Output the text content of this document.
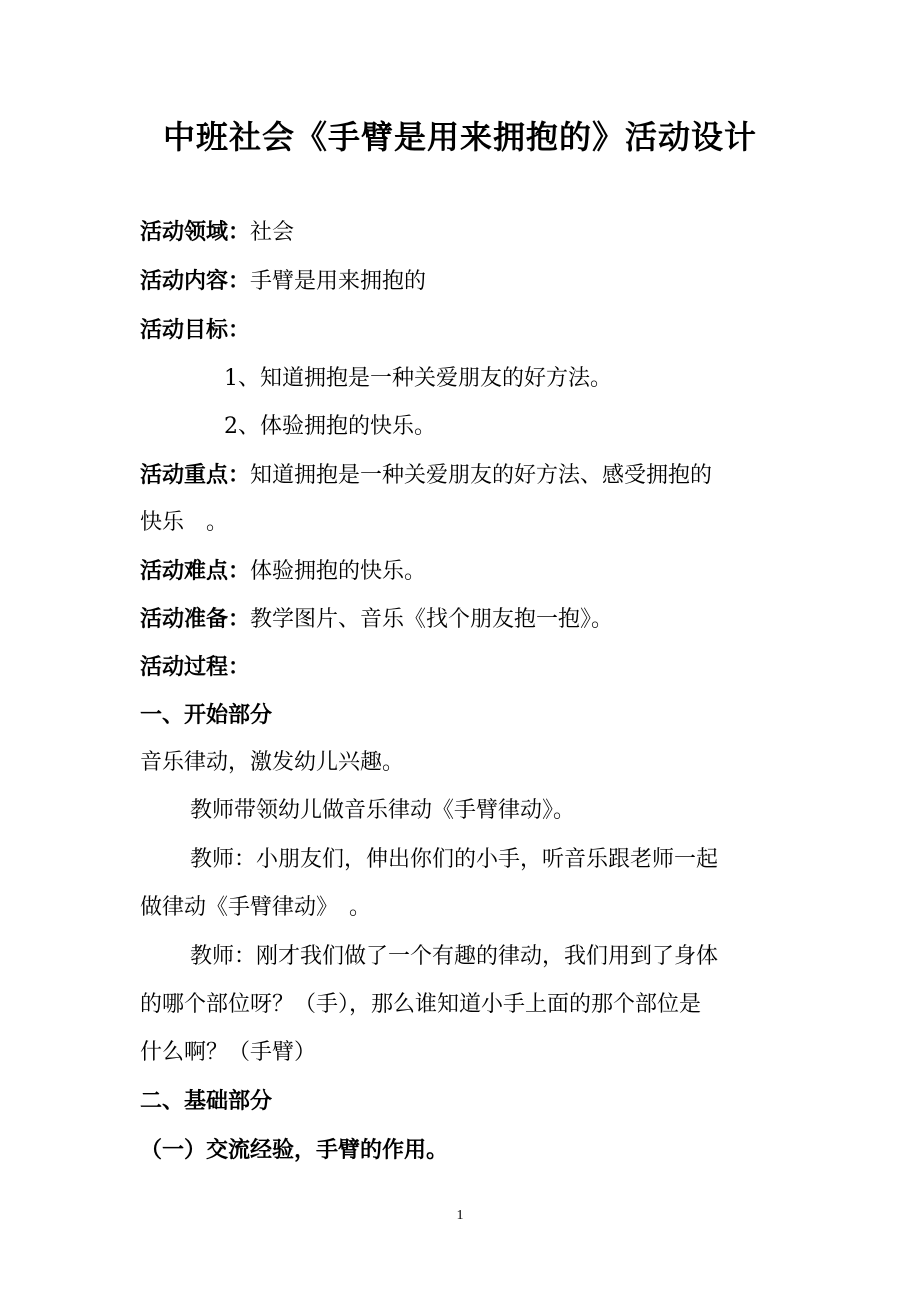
中班社会《手臂是用来拥抱的》活动设计
活动领域：社会
活动内容：手臂是用来拥抱的
活动目标：
1、知道拥抱是一种关爱朋友的好方法。
2、体验拥抱的快乐。
活动重点：知道拥抱是一种关爱朋友的好方法、感受拥抱的
快乐　。
活动难点：体验拥抱的快乐。
活动准备：教学图片、音乐《找个朋友抱一抱》。
活动过程：
一、开始部分
音乐律动，激发幼儿兴趣。
教师带领幼儿做音乐律动《手臂律动》。
教师：小朋友们，伸出你们的小手，听音乐跟老师一起
做律动《手臂律动》　。
教师：刚才我们做了一个有趣的律动，我们用到了身体
的哪个部位呀？（手），那么谁知道小手上面的那个部位是
什么啊？（手臂）
二、基础部分
（一）交流经验，手臂的作用。
1
